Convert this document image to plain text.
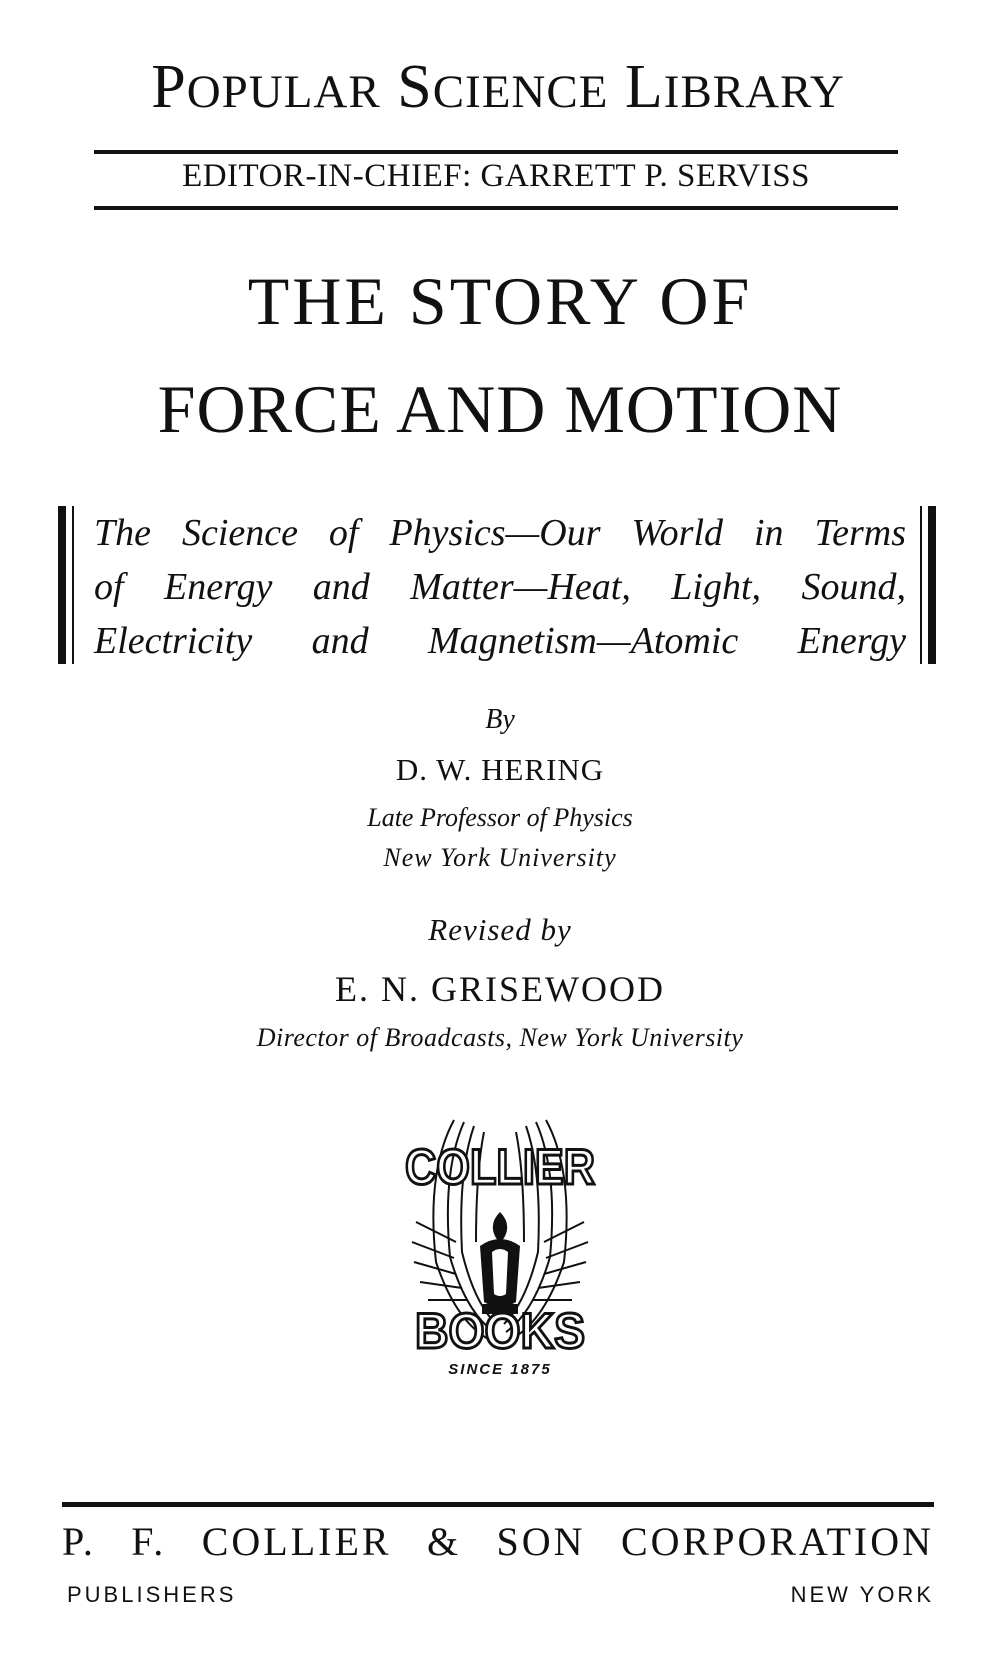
POPULAR SCIENCE LIBRARY
EDITOR-IN-CHIEF: GARRETT P. SERVISS
THE STORY OF
FORCE AND MOTION
The Science of Physics—Our World in Terms
of Energy and Matter—Heat, Light, Sound,
Electricity and Magnetism—Atomic Energy
By
D. W. HERING
Late Professor of Physics
New York University
Revised by
E. N. GRISEWOOD
Director of Broadcasts, New York University
COLLIER
BOOKS
SINCE 1875
P. F. COLLIER & SON CORPORATION
PUBLISHERS	NEW YORK
